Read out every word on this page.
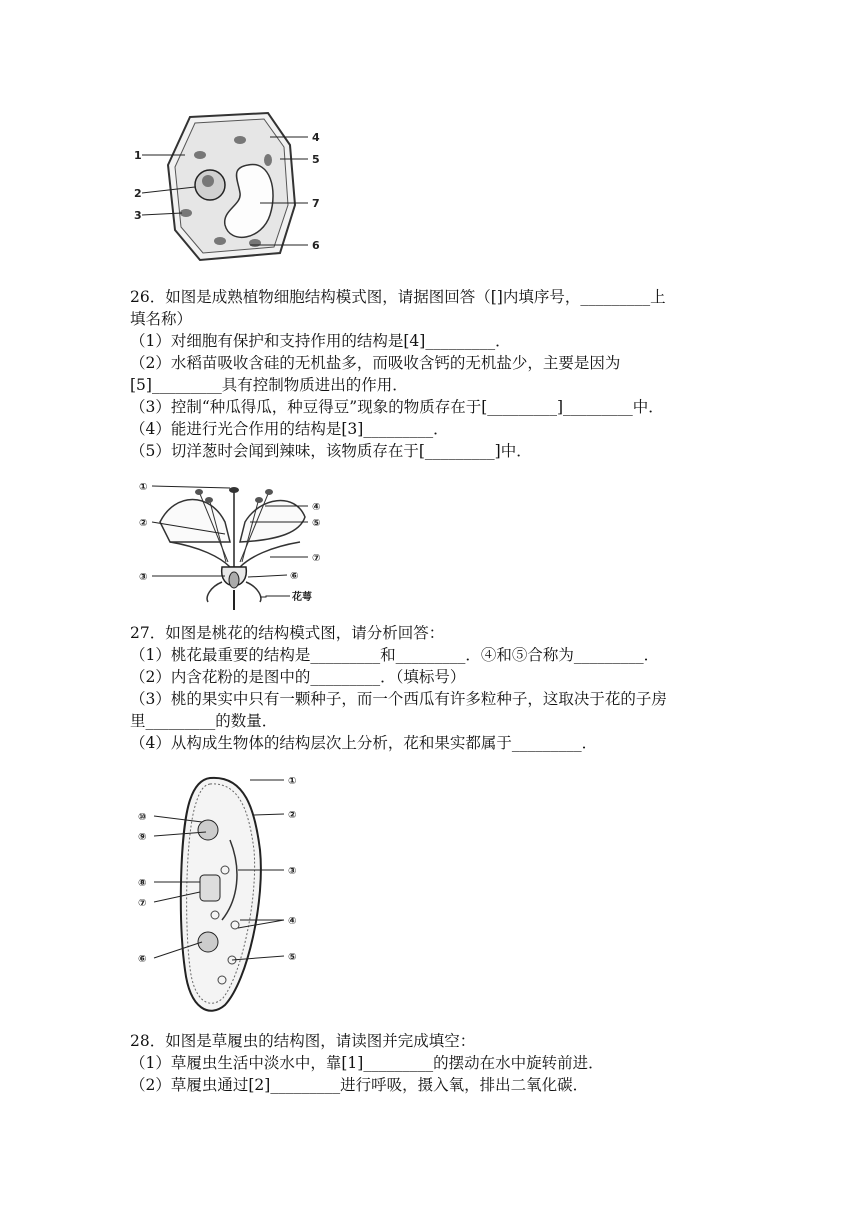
1
2
3
4
5
6
7

26．如图是成熟植物细胞结构模式图，请据图回答（[]内填序号，_________上

填名称）

（1）对细胞有保护和支持作用的结构是[4]_________．

（2）水稻苗吸收含硅的无机盐多，而吸收含钙的无机盐少，主要是因为

[5]_________具有控制物质进出的作用．

（3）控制“种瓜得瓜，种豆得豆”现象的物质存在于[_________]_________中．

（4）能进行光合作用的结构是[3]_________．

（5）切洋葱时会闻到辣味，该物质存在于[_________]中．

①
②
③
④
⑤
⑥
⑦
花萼

27．如图是桃花的结构模式图，请分析回答：

（1）桃花最重要的结构是_________和_________．④和⑤合称为_________．

（2）内含花粉的是图中的_________．（填标号）

（3）桃的果实中只有一颗种子，而一个西瓜有许多粒种子，这取决于花的子房

里_________的数量．

（4）从构成生物体的结构层次上分析，花和果实都属于_________．

①
②
③
④
⑤
⑥
⑦
⑧
⑨
⑩

28．如图是草履虫的结构图，请读图并完成填空：

（1）草履虫生活中淡水中，靠[1]_________的摆动在水中旋转前进．

（2）草履虫通过[2]_________进行呼吸，摄入氧，排出二氧化碳．
